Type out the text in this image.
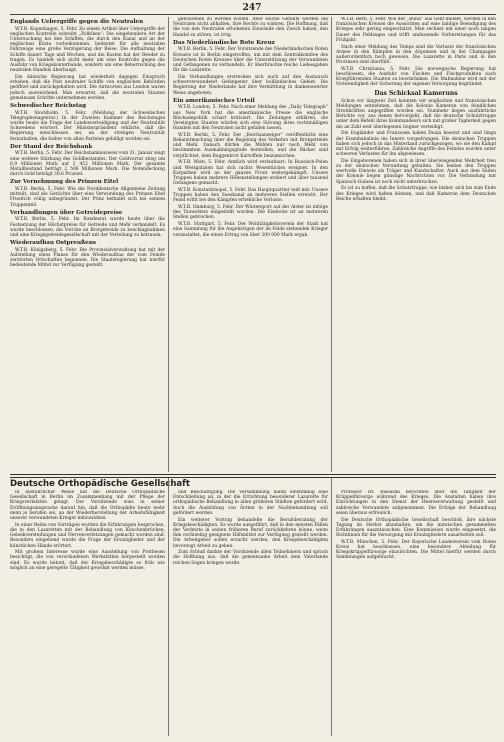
247
Englands Uebergriffe gegen die Neutralen
W.T.B. Kopenhagen, 5. Febr. Zu einem Artikel über Uebergriffe der englischen Kontrolle schreibt „Politiken“: Die eingehendere Art der Untersuchung bei den Schiffen, die durch den Kanal und an der englischen Küste vorbeikommen, bedeutet für alle neutralen Fahrzeuge eine große Verzögerung der Reise. Die Aufhaltung der Schiffe dauert Tage und Wochen, und die Kosten hat der Reeder zu tragen. Es handelt sich nicht mehr um eine Kontrolle gegen die Ausfuhr von Kriegskonterbande, sondern um eine Beherrschung des neutralen Handels überhaupt.
Die dänische Regierung hat wiederholt dagegen Einspruch erhoben, daß die Post neutraler Schiffe von englischen Behörden geöffnet und zurückgehalten wird. Die Antworten aus London waren jedoch ausweichend. Man erwartet, daß die neutralen Staaten gemeinsam Schritte unternehmen werden.
Schwedischer Reichstag
W.T.B. Stockholm, 5. Febr. (Meldung der Schwedischen Telegraphenagentur.) In der Zweiten Kammer des Reichstages wurde heute die Frage der Landesverteidigung und der Neutralität Schwedens erörtert. Der Ministerpräsident erklärte, daß die Regierung entschlossen sei, an der strengen Neutralität festzuhalten, die bisher von allen Parteien gebilligt worden sei.
Der Stand der Reichsbank
W.T.B. Berlin, 5. Febr. Der Reichsbankausweis vom 31. Januar zeigt eine weitere Stärkung des Goldbestandes. Der Goldvorrat stieg um 6,9 Millionen Mark auf 2 452 Millionen Mark. Der gesamte Metallbestand beträgt 2 506 Millionen Mark. Die Notendeckung durch Gold beträgt 39,6 Prozent.
Zur Vernehmung des Prinzen Eitel
W.T.B. Berlin, 5. Febr. Wie die Norddeutsche Allgemeine Zeitung mitteilt, sind die Gerüchte über eine Verwundung des Prinzen Eitel Friedrich völlig unbegründet. Der Prinz befindet sich bei seinem Truppenteil.
Verhandlungen über Getreidepreise
W.T.B. Berlin, 5. Febr. Im Bundesrat wurde heute über die Festsetzung der Höchstpreise für Getreide und Mehl verhandelt. Es wurde beschlossen, die Vorräte an Brotgetreide zu beschlagnahmen und eine Kriegsgetreidegesellschaft mit der Verteilung zu betrauen.
Wiederaufbau Ostpreußens
W.T.B. Königsberg, 5. Febr. Die Provinzialverwaltung hat mit der Aufstellung eines Planes für den Wiederaufbau der vom Feinde zerstörten Ortschaften begonnen. Die Staatsregierung hat hierfür bedeutende Mittel zur Verfügung gestellt.
geflossenen zu werden wollen. Aber solche Gefühle werden die Neutralen nicht abhalten, ihre Rechte zu wahren. Die Hoffnung, daß die von den Neutralen erhobenen Einwände den Zweck haben, den Handel zu stören, ist irrig.
Das Niederländische Rote Kreuz
W.T.B. Berlin, 5. Febr. Der Vorsitzende des Niederländischen Roten Kreuzes ist in Berlin eingetroffen, um mit dem Zentralkomitee des Deutschen Roten Kreuzes über die Unterstützung der Verwundeten und Gefangenen zu verhandeln. Er überbrachte reiche Liebesgaben für die Lazarette.
Die Verhandlungen erstrecken sich auch auf den Austausch schwerverwundeter Gefangener über holländisches Gebiet. Die Regierung der Niederlande hat ihre Vermittlung in dankenswerter Weise angeboten.
Ein amerikanisches Urteil
W.T.B. London, 5. Febr. Nach einer Meldung des „Daily Telegraph“ aus New York hat die amerikanische Presse die englische Blockadepolitik scharf kritisiert. Die Zeitungen erklären, die Vereinigten Staaten würden sich eine Störung ihres rechtmäßigen Handels mit den Neutralen nicht gefallen lassen.
W.T.B. Berlin, 5. Febr. Der „Reichsanzeiger“ veröffentlicht eine Bekanntmachung über die Regelung des Verkehrs mit Brotgetreide und Mehl. Danach dürfen die Mühlen nur noch Mehl von bestimmtem Ausmahlungsgrade herstellen, und die Bäcker sind verpflichtet, dem Roggenbrot Kartoffeln beizumischen.
W.T.B. Wien, 5. Febr. Amtlich wird verlautbart: In Russisch-Polen und Westgalizien hat sich nichts Wesentliches ereignet. In den Karpathen wird an der ganzen Front weitergekämpft. Unsere Truppen haben mehrere Höhenstellungen erobert und über tausend Gefangene gemacht.
W.T.B. Konstantinopel, 5. Febr. Das Hauptquartier teilt mit: Unsere Truppen haben den Suezkanal an mehreren Stellen erreicht. Der Feind erlitt bei den Kämpfen erhebliche Verluste.
W.T.B. Hamburg, 5. Febr. Der Wintersport auf der Alster ist infolge des Tauwetters eingestellt worden. Die Eisdecke ist an mehreren Stellen gebrochen.
W.T.B. Stuttgart, 5. Febr. Der Wohltätigkeitsverein der Stadt hat eine Sammlung für die Angehörigen der im Felde stehenden Krieger veranstaltet, die einen Ertrag von über 200 000 Mark ergab.
W.T.B. Bern, 5. Febr. Wie der „Bund“ aus Genf meldet, werden in den französischen Kreisen die Aussichten auf eine baldige Beendigung des Krieges sehr gering eingeschätzt. Man rechnet mit einer noch langen Dauer des Feldzuges und trifft umfassende Vorbereitungen für das Frühjahr.
Nach einer Meldung des Temps sind die Verluste der französischen Armee in den Kämpfen in den Argonnen und in der Champagne außerordentlich hoch gewesen. Die Lazarette in Paris und in den Provinzen sind überfüllt.
W.T.B. Christiania, 5. Febr. Die norwegische Regierung hat beschlossen, die Ausfuhr von Fischen und Fischprodukten nach Kriegführenden Staaten zu beschränken. Die Maßnahme wird mit der Notwendigkeit der Sicherung der eigenen Versorgung begründet.
Das Schicksal Kameruns
Schon vor längerer Zeit konnten wir englischen und französischen Meldungen entnehmen, daß die Kolonie Kamerun von feindlichen Streitkräften angegriffen worden sei. Nunmehr liegen ausführliche Berichte vor, aus denen hervorgeht, daß die deutsche Schutztruppe unter dem Befehl ihres Kommandeurs sich mit großer Tapferkeit gegen die an Zahl weit überlegenen Gegner verteidigt.
Die Engländer und Franzosen haben Duala besetzt und sind längs der Eisenbahnlinie ins Innere vorgedrungen. Die deutschen Truppen haben sich jedoch in das Hinterland zurückgezogen, wo sie den Kampf mit Erfolg weiterführen. Zahlreiche Angriffe des Feindes wurden unter schweren Verlusten für ihn abgewiesen.
Die Eingeborenen haben sich in ihrer überwiegenden Mehrheit treu zu der deutschen Verwaltung gehalten. Sie leisten den Truppen wertvolle Dienste als Träger und Kundschafter. Auch aus dem Süden der Kolonie liegen günstige Nachrichten vor. Die Verbindung mit Spanisch-Guinea ist noch nicht unterbrochen.
Es ist zu hoffen, daß die Schutztruppe, wie bisher, sich bis zum Ende des Krieges wird halten können, und daß Kamerun dem Deutschen Reiche erhalten bleibt.
Deutsche Orthopädische Gesellschaft
In ausführlicher Weise hat die Deutsche Orthopädische Gesellschaft in Berlin im Zusammenhang mit der Pflege der Kriegsverletzten getagt. Der Vorsitzende wies in seiner Eröffnungsansprache darauf hin, daß die Orthopädie heute mehr denn je berufen sei, an der Wiederherstellung der Arbeitsfähigkeit unserer verwundeten Krieger mitzuwirken.
In einer Reihe von Vorträgen wurden die Erfahrungen besprochen, die in den Lazaretten mit der Behandlung von Knochenbrüchen, Gelenkversteifungen und Nervenverletzungen gemacht worden sind. Besonders eingehend wurde die Frage der Ersatzglieder und der künstlichen Hände erörtert.
Mit großem Interesse wurde eine Ausstellung von Prothesen besichtigt, die von verschiedenen Werkstätten hergestellt worden sind. Es wurde betont, daß der Kriegsbeschädigte so früh wie möglich an eine geregelte Tätigkeit gewöhnt werden müsse.
und Beschäftigung. Die Versammlung nahm einstimmig eine Entschließung an, in der die Errichtung besonderer Lazarette für orthopädische Behandlung in allen größeren Städten gefordert wird. Auch die Ausbildung von Ärzten in der Nachbehandlung soll gefördert werden.
Ein weiterer Vortrag behandelte die Berufsberatung der Kriegsbeschädigten. Es wurde ausgeführt, daß in den meisten Fällen der Verletzte in seinen früheren Beruf zurückkehren könne, wenn ihm rechtzeitig geeignete Hilfsmittel zur Verfügung gestellt werden. Die Arbeitgeber sollen ersucht werden, den Kriegsbeschädigten bevorzugt Arbeit zu geben.
Zum Schluß dankte der Vorsitzende allen Teilnehmern und sprach die Hoffnung aus, daß die gemeinsame Arbeit dem Vaterlande reichen Segen bringen werde.
Professor Dr. Biesalski berichtete über die Tätigkeit der Krüppelfürsorge während des Krieges. Die Anstalten haben ihre Einrichtungen in den Dienst der Heeresverwaltung gestellt und zahlreiche Verwundete aufgenommen. Die Erfolge der Behandlung seien überaus erfreulich.
Die Deutsche Orthopädische Gesellschaft beschloß, ihre nächste Tagung im Herbst abzuhalten, um die inzwischen gesammelten Erfahrungen auszutauschen. Eine Kommission wurde eingesetzt, die Richtlinien für die Versorgung mit Ersatzgliedern ausarbeiten soll.
W.T.B. München, 5. Febr. Der Bayerische Landesverein vom Roten Kreuz hat beschlossen, eine besondere Abteilung für Kriegskrüppelfürsorge einzurichten. Die Mittel hierfür werden durch Sammlungen aufgebracht.
